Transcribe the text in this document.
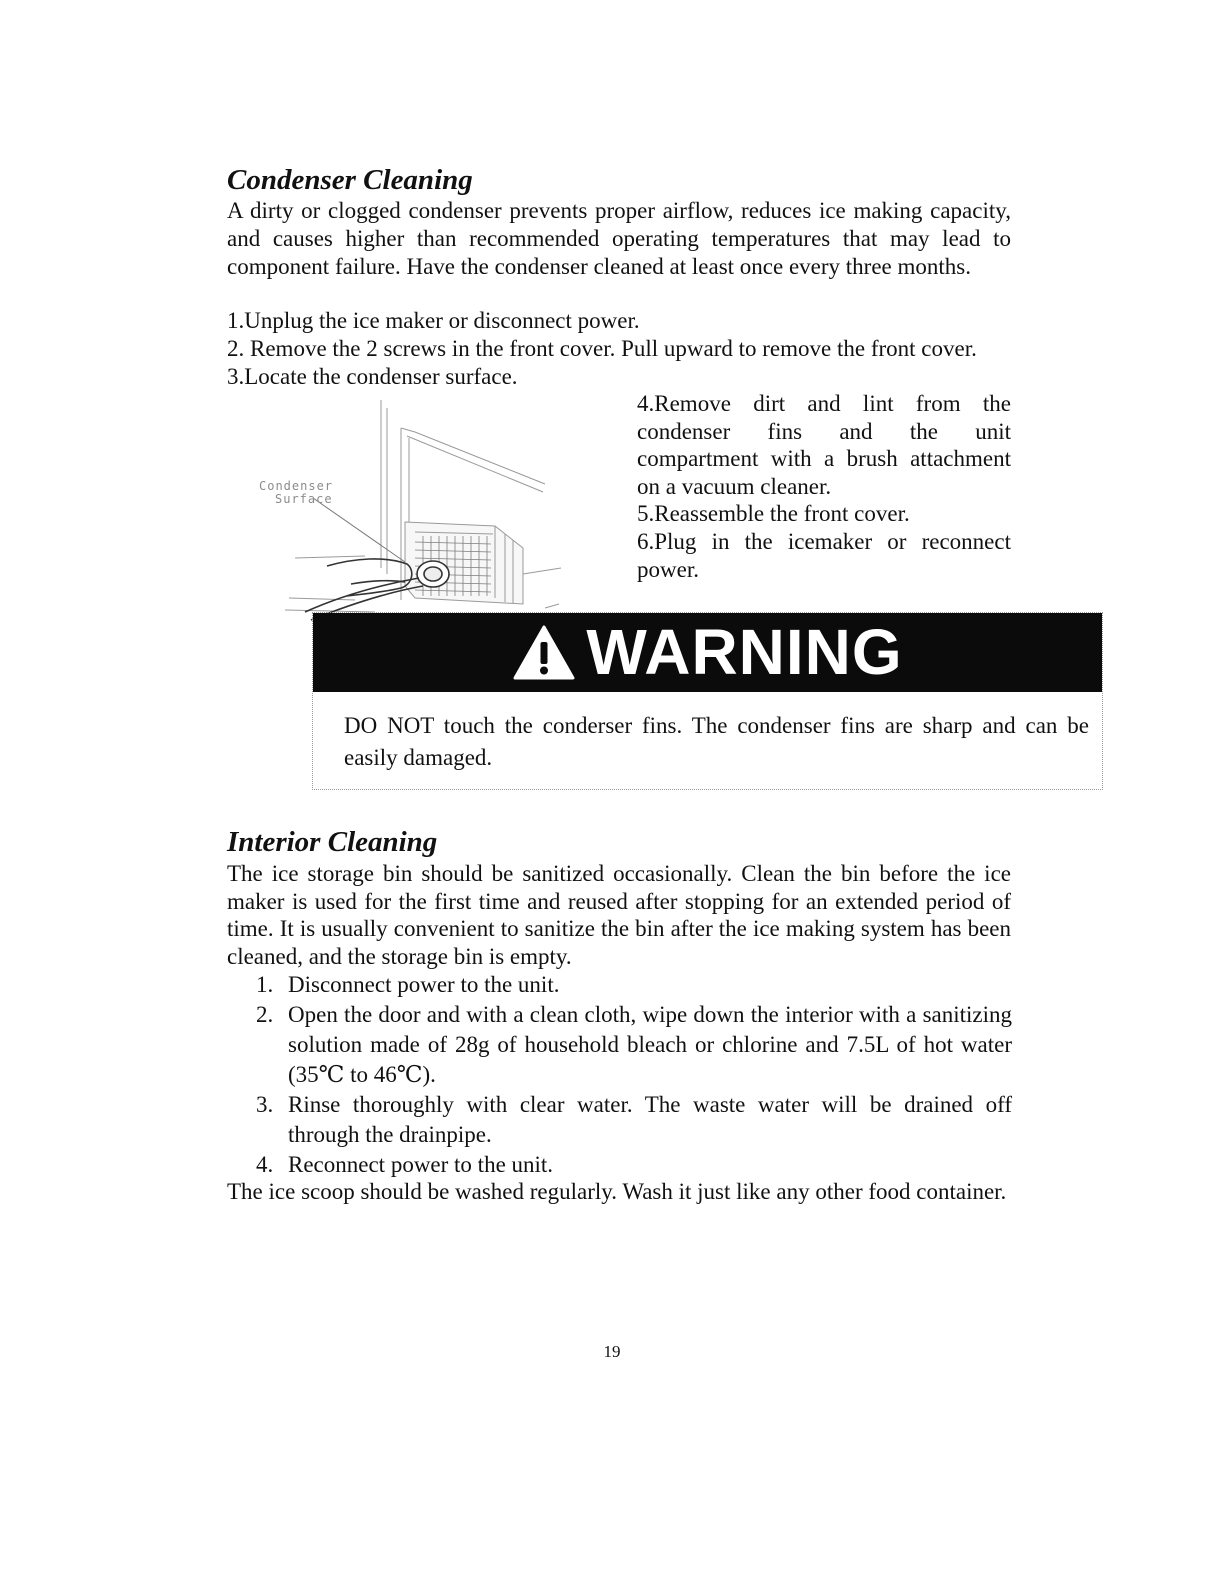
Condenser Cleaning

A dirty or clogged condenser prevents proper airflow, reduces ice making capacity, and causes higher than recommended operating temperatures that may lead to component failure. Have the condenser cleaned at least once every three months.

1.Unplug the ice maker or disconnect power.

2. Remove the 2 screws in the front cover. Pull upward to remove the front cover.

3.Locate the condenser surface.

4.Remove dirt and lint from the condenser fins and the unit compartment with a brush attachment on a vacuum cleaner.

5.Reassemble the front cover.

6.Plug in the icemaker or reconnect power.

Condenser
Surface
WARNING

DO NOT touch the conderser fins. The condenser fins are sharp and can be easily damaged.

Interior Cleaning

The ice storage bin should be sanitized occasionally. Clean the bin before the ice maker is used for the first time and reused after stopping for an extended period of time. It is usually convenient to sanitize the bin after the ice making system has been cleaned, and the storage bin is empty.

1. Disconnect power to the unit.
2. Open the door and with a clean cloth, wipe down the interior with a sanitizing solution made of 28g of household bleach or chlorine and 7.5L of hot water (35℃ to 46℃).
3. Rinse thoroughly with clear water. The waste water will be drained off through the drainpipe.
4. Reconnect power to the unit.

The ice scoop should be washed regularly. Wash it just like any other food container.

19
